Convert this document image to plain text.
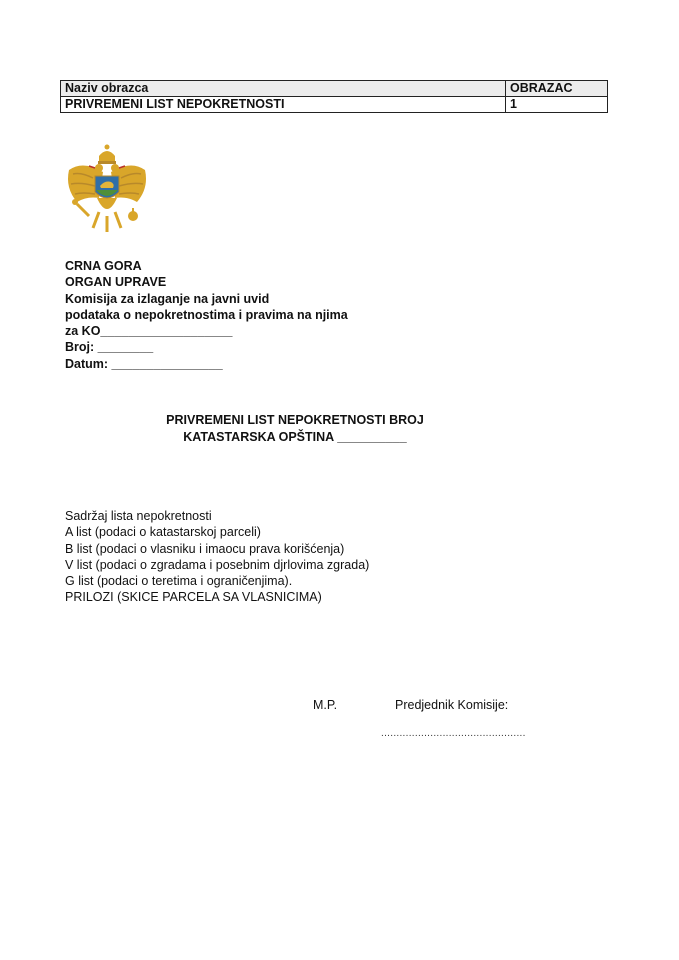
Naziv obrazca	OBRAZAC
PRIVREMENI LIST NEPOKRETNOSTI	1
CRNA GORA
ORGAN UPRAVE
Komisija za izlaganje na javni uvid
podataka o nepokretnostima i pravima na njima
za KO___________________
Broj: ________
Datum: ________________
PRIVREMENI LIST NEPOKRETNOSTI BROJ
KATASTARSKA OPŠTINA __________
Sadržaj lista nepokretnosti
A list (podaci o katastarskoj parceli)
B list (podaci o vlasniku i imaocu prava korišćenja)
V list (podaci o zgradama i posebnim djrlovima zgrada)
G list (podaci o teretima i ograničenjima).
PRILOZI (SKICE PARCELA SA VLASNICIMA)
M.P.	Predjednik Komisije:
...............................................
